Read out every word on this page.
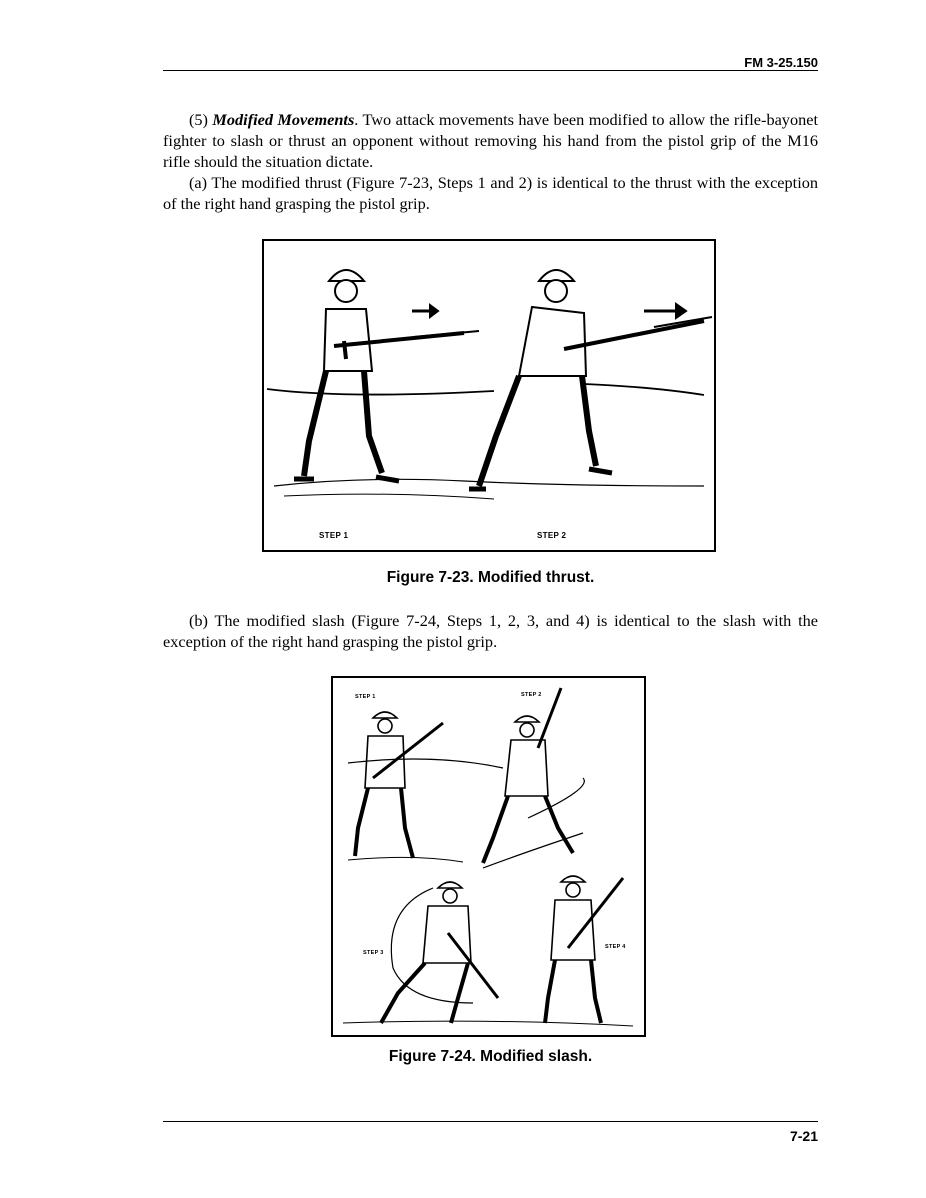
FM 3-25.150

(5) Modified Movements. Two attack movements have been modified to allow the rifle-bayonet fighter to slash or thrust an opponent without removing his hand from the pistol grip of the M16 rifle should the situation dictate.

(a) The modified thrust (Figure 7-23, Steps 1 and 2) is identical to the thrust with the exception of the right hand grasping the pistol grip.

STEP 1	STEP 2
Figure 7-23. Modified thrust.

(b) The modified slash (Figure 7-24, Steps 1, 2, 3, and 4) is identical to the slash with the exception of the right hand grasping the pistol grip.

STEP 1	STEP 2
STEP 3
STEP 4
Figure 7-24. Modified slash.
7-21
